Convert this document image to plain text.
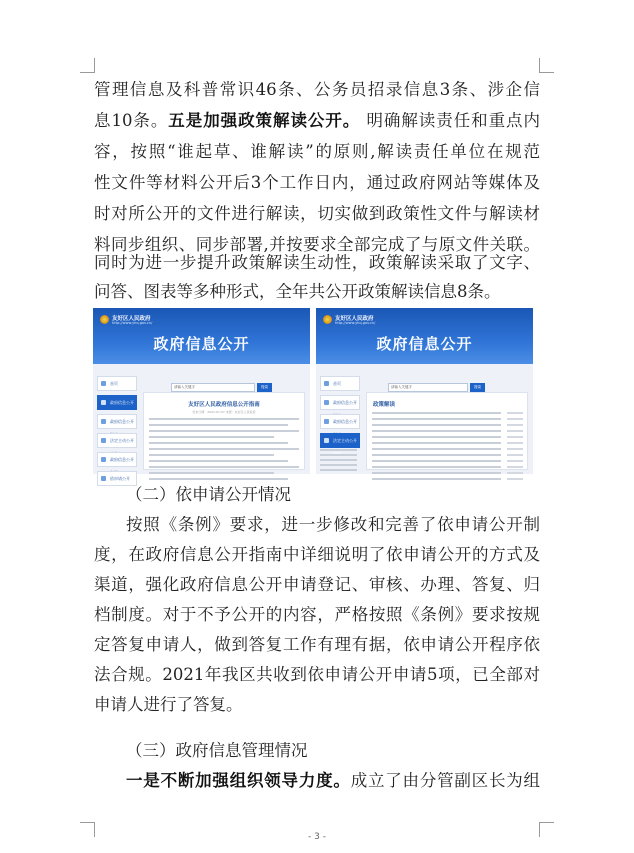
管理信息及科普常识46条、公务员招录信息3条、涉企信
息10条。五是加强政策解读公开。 明确解读责任和重点内
容，按照“谁起草、谁解读”的原则,解读责任单位在规范
性文件等材料公开后3个工作日内，通过政府网站等媒体及
时对所公开的文件进行解读，切实做到政策性文件与解读材
料同步组织、同步部署,并按要求全部完成了与原文件关联。
同时为进一步提升政策解读生动性，政策解读采取了文字、
问答、图表等多种形式，全年共公开政策解读信息8条。
友好区人民政府
http://www.yhq.gov.cn/
政府信息公开
请输入关键字	搜索
首页
政府信息公开
政府信息公开
法定主动公开
政府信息公开
依申请公开
友好区人民政府信息公开指南
发布日期：2021-07-07 来源：友好区人民政府
友好区人民政府
http://www.yhq.gov.cn/
政府信息公开
请输入关键字	搜索
首页
政府信息公开
政府信息公开
法定主动公开
政策解读
（二）依申请公开情况
按照《条例》要求，进一步修改和完善了依申请公开制
度，在政府信息公开指南中详细说明了依申请公开的方式及
渠道，强化政府信息公开申请登记、审核、办理、答复、归
档制度。对于不予公开的内容，严格按照《条例》要求按规
定答复申请人，做到答复工作有理有据，依申请公开程序依
法合规。2021年我区共收到依申请公开申请5项，已全部对
申请人进行了答复。
（三）政府信息管理情况
一是不断加强组织领导力度。成立了由分管副区长为组
- 3 -
